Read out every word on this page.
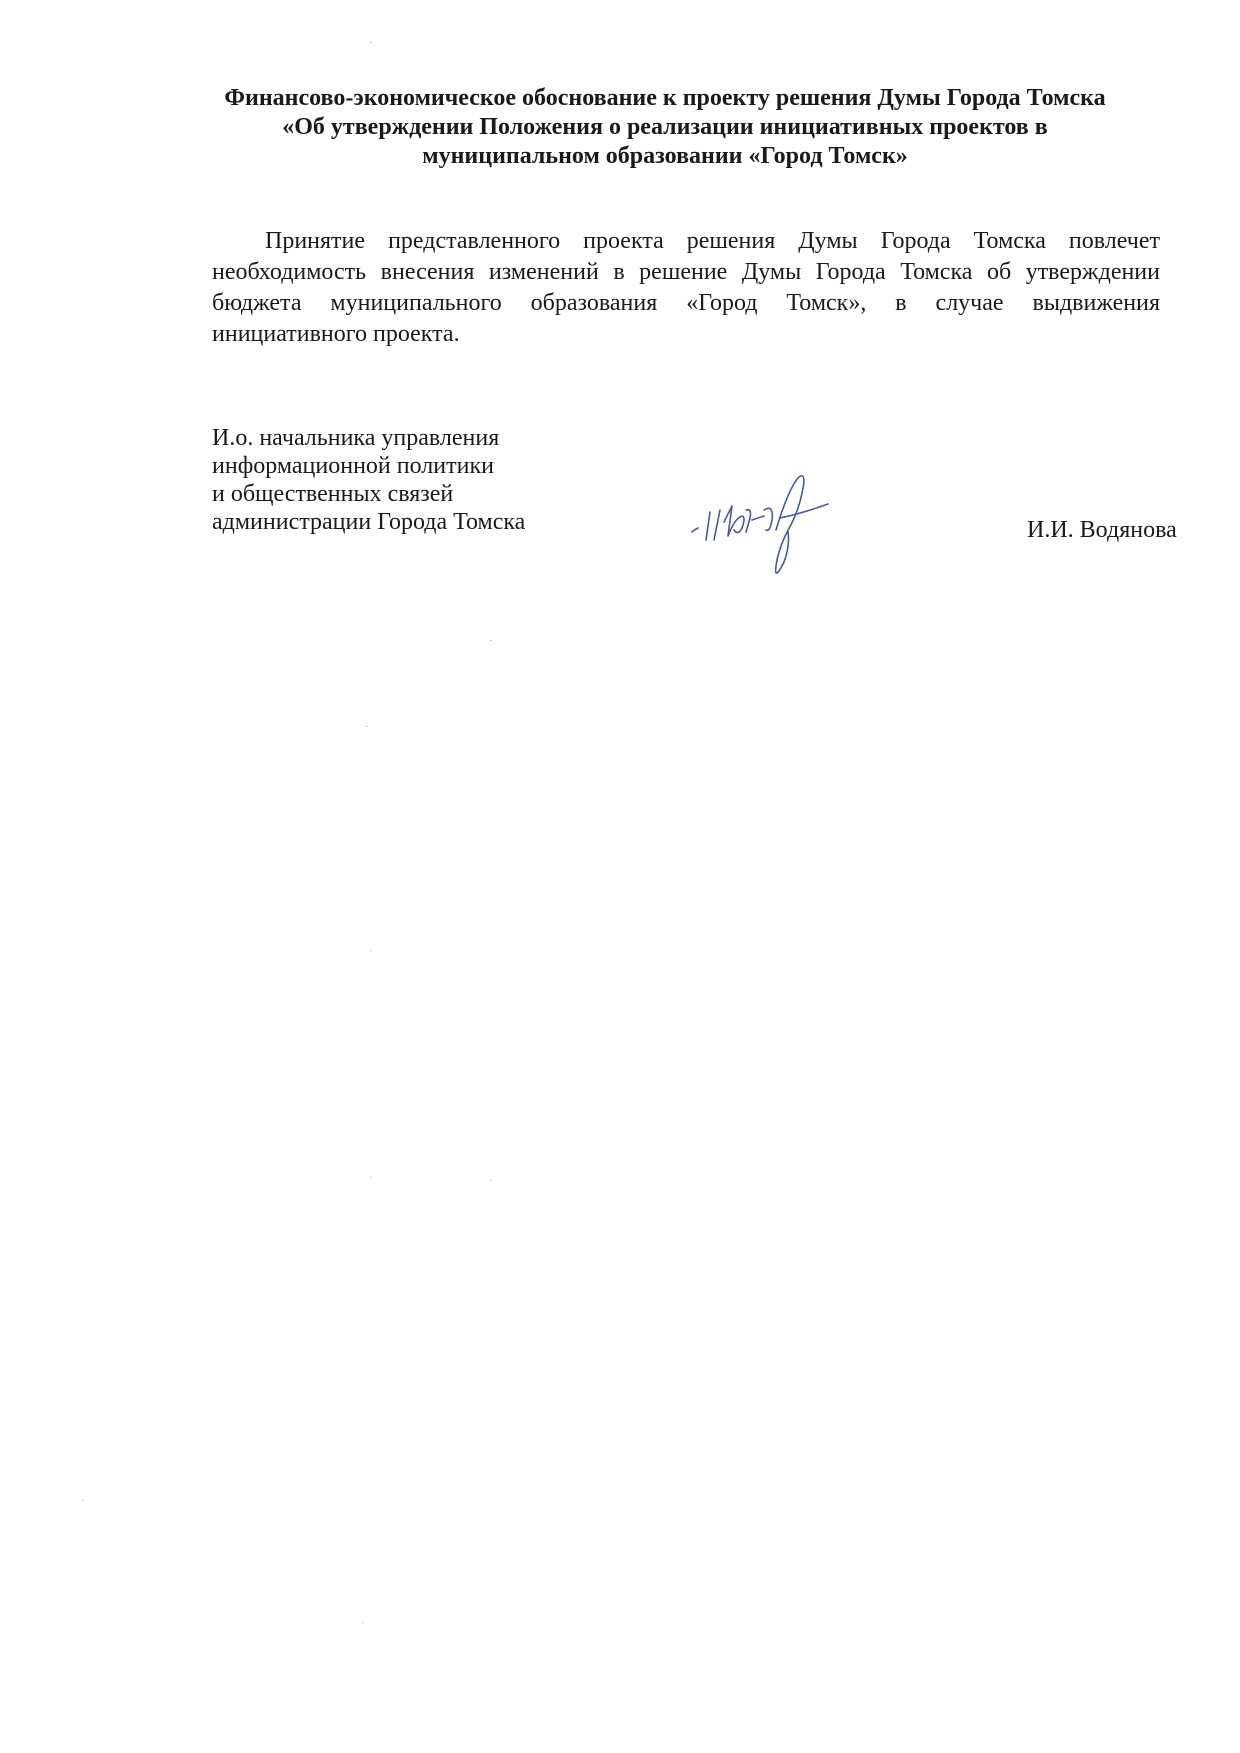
Финансово-экономическое обоснование к проекту решения Думы Города Томска
«Об утверждении Положения о реализации инициативных проектов в
муниципальном образовании «Город Томск»
Принятие представленного проекта решения Думы Города Томска повлечет
необходимость внесения изменений в решение Думы Города Томска об утверждении
бюджета муниципального образования «Город Томск», в случае выдвижения
инициативного проекта.
И.о. начальника управления
информационной политики
и общественных связей
администрации Города Томска	И.И. Водянова
